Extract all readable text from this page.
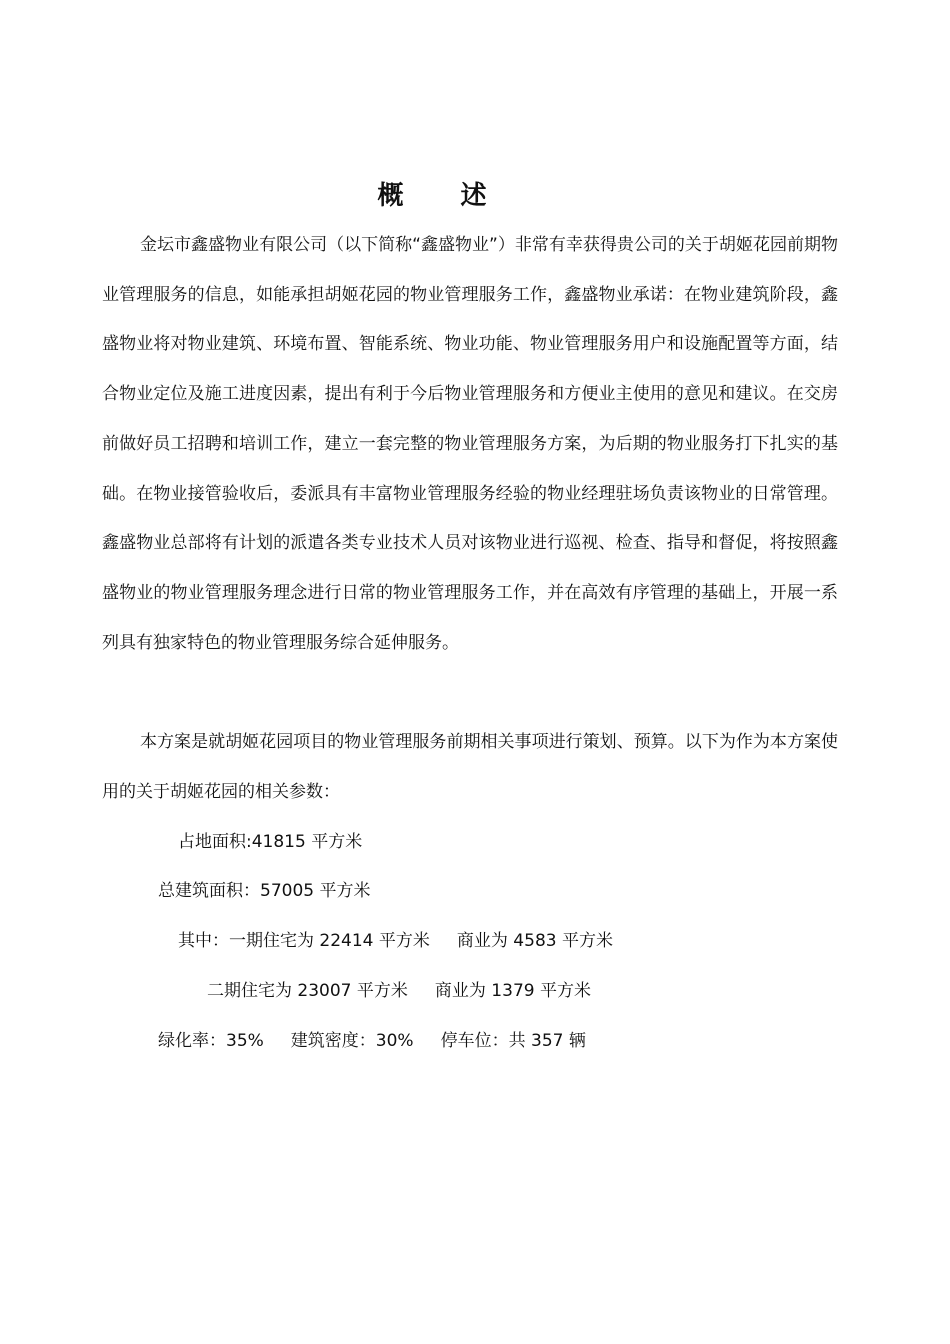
概 述

金坛市鑫盛物业有限公司（以下简称“鑫盛物业”）非常有幸获得贵公司的关于胡姬花园前期物业管理服务的信息，如能承担胡姬花园的物业管理服务工作，鑫盛物业承诺：在物业建筑阶段，鑫盛物业将对物业建筑、环境布置、智能系统、物业功能、物业管理服务用户和设施配置等方面，结合物业定位及施工进度因素，提出有利于今后物业管理服务和方便业主使用的意见和建议。在交房前做好员工招聘和培训工作，建立一套完整的物业管理服务方案，为后期的物业服务打下扎实的基础。在物业接管验收后，委派具有丰富物业管理服务经验的物业经理驻场负责该物业的日常管理。鑫盛物业总部将有计划的派遣各类专业技术人员对该物业进行巡视、检查、指导和督促，将按照鑫盛物业的物业管理服务理念进行日常的物业管理服务工作，并在高效有序管理的基础上，开展一系列具有独家特色的物业管理服务综合延伸服务。

本方案是就胡姬花园项目的物业管理服务前期相关事项进行策划、预算。以下为作为本方案使用的关于胡姬花园的相关参数：

占地面积:41815 平方米
总建筑面积：57005 平方米
其中：一期住宅为 22414 平方米     商业为 4583 平方米
二期住宅为 23007 平方米     商业为 1379 平方米
绿化率：35%     建筑密度：30%     停车位：共 357 辆
